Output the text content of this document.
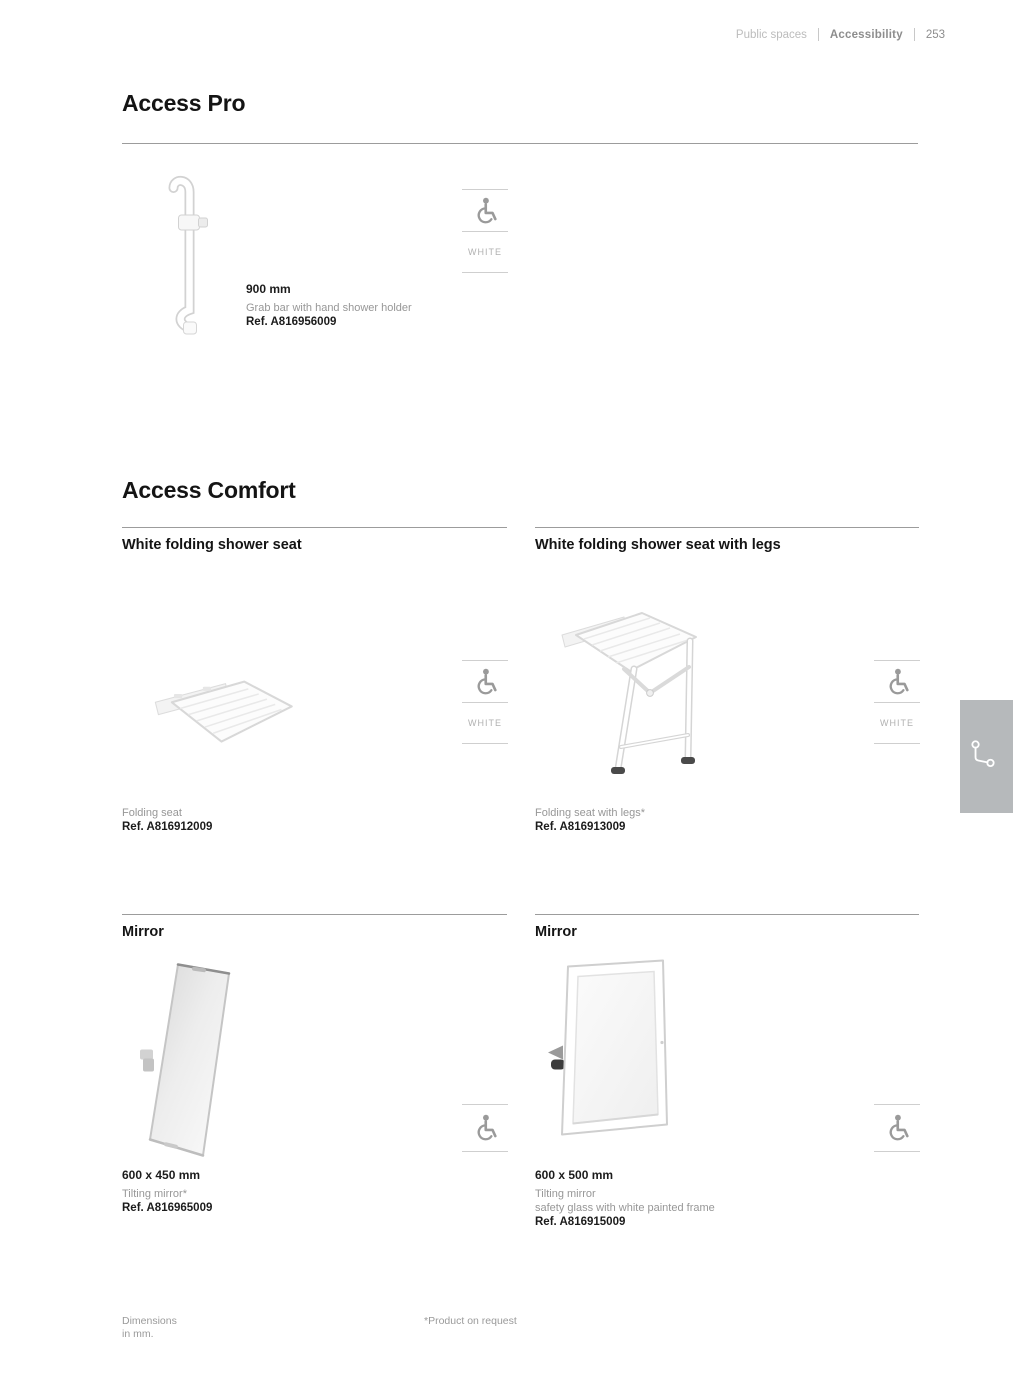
Public spaces Accessibility 253
Access Pro
WHITE
900 mm
Grab bar with hand shower holder
Ref. A816956009
Access Comfort
White folding shower seat	White folding shower seat with legs
WHITE	WHITE
Folding seat
Ref. A816912009
Folding seat with legs*
Ref. A816913009
Mirror	Mirror
600 x 450 mm
Tilting mirror*
Ref. A816965009
600 x 500 mm
Tilting mirror
safety glass with white painted frame
Ref. A816915009
Dimensions
in mm.
*Product on request
